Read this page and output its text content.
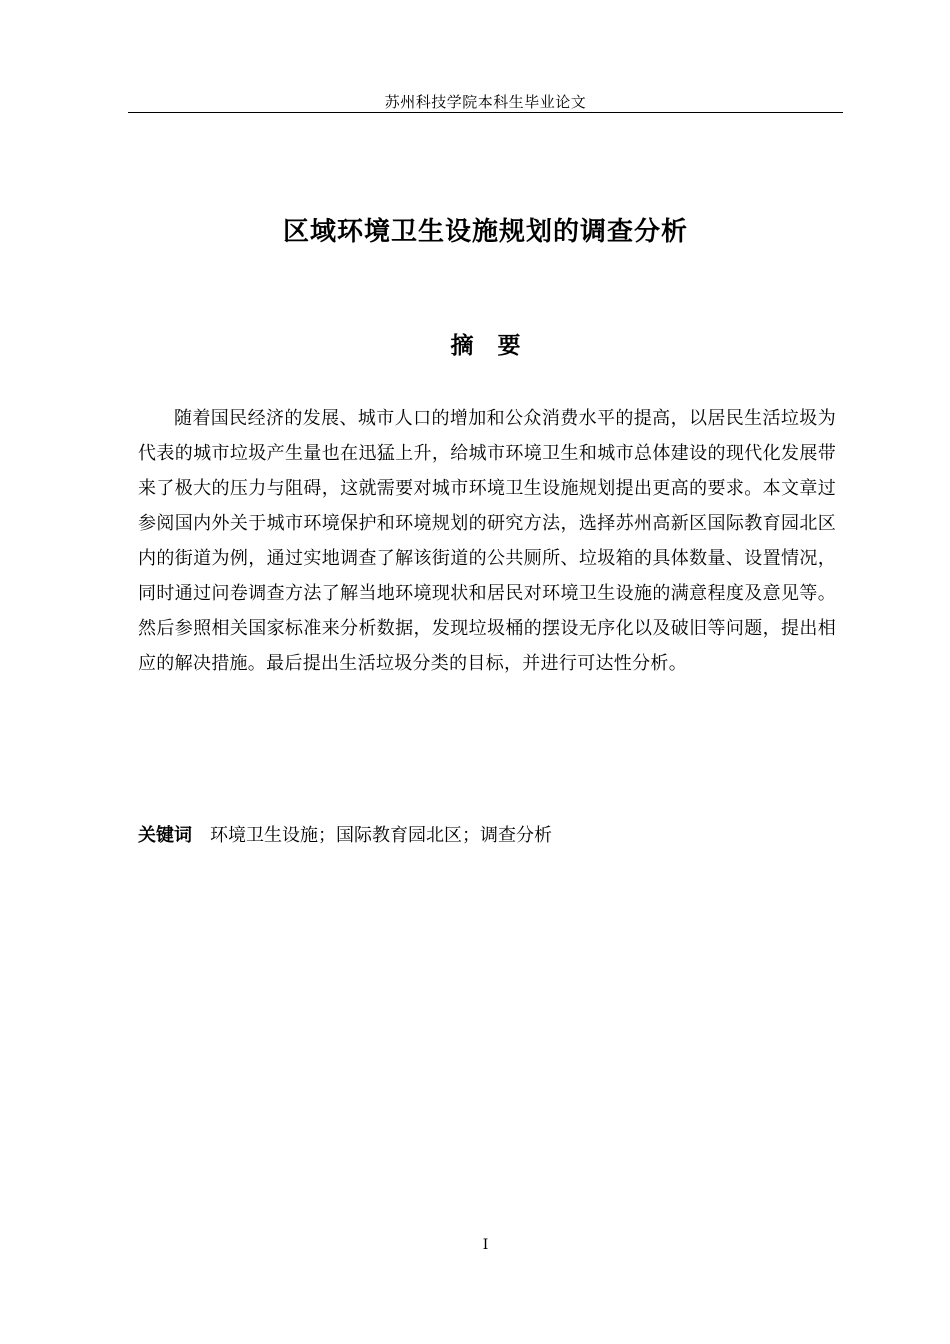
苏州科技学院本科生毕业论文
区域环境卫生设施规划的调查分析
摘 要
随着国民经济的发展、城市人口的增加和公众消费水平的提高，以居民生活垃圾为代表的城市垃圾产生量也在迅猛上升，给城市环境卫生和城市总体建设的现代化发展带来了极大的压力与阻碍，这就需要对城市环境卫生设施规划提出更高的要求。本文章过参阅国内外关于城市环境保护和环境规划的研究方法，选择苏州高新区国际教育园北区内的街道为例，通过实地调查了解该街道的公共厕所、垃圾箱的具体数量、设置情况，同时通过问卷调查方法了解当地环境现状和居民对环境卫生设施的满意程度及意见等。然后参照相关国家标准来分析数据，发现垃圾桶的摆设无序化以及破旧等问题，提出相应的解决措施。最后提出生活垃圾分类的目标，并进行可达性分析。
关键词 环境卫生设施；国际教育园北区；调查分析
I
